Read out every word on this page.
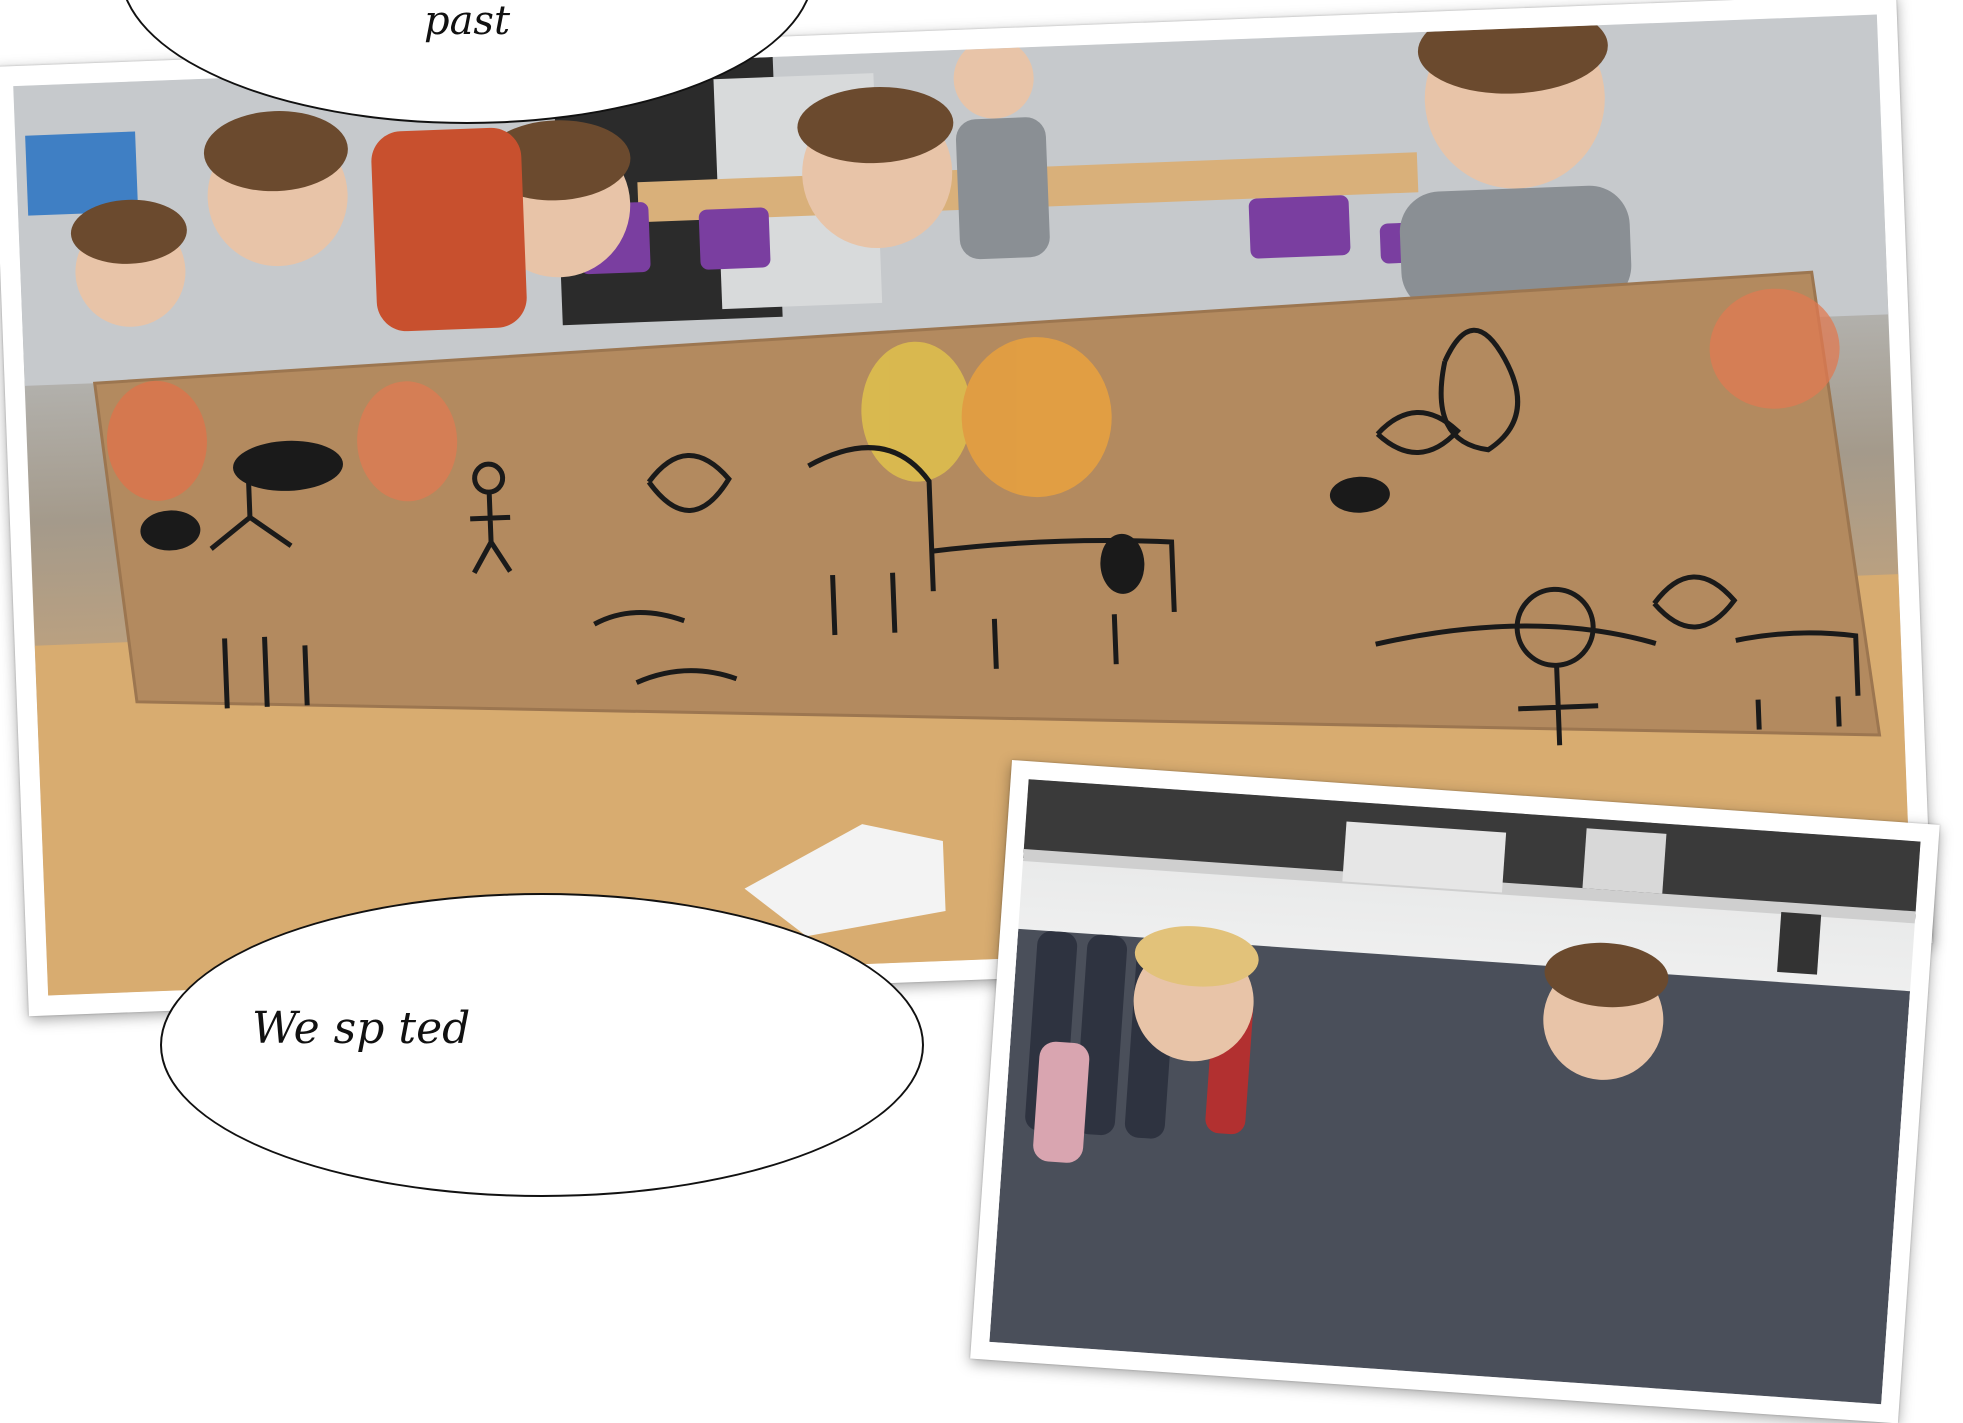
past
We sp ted
